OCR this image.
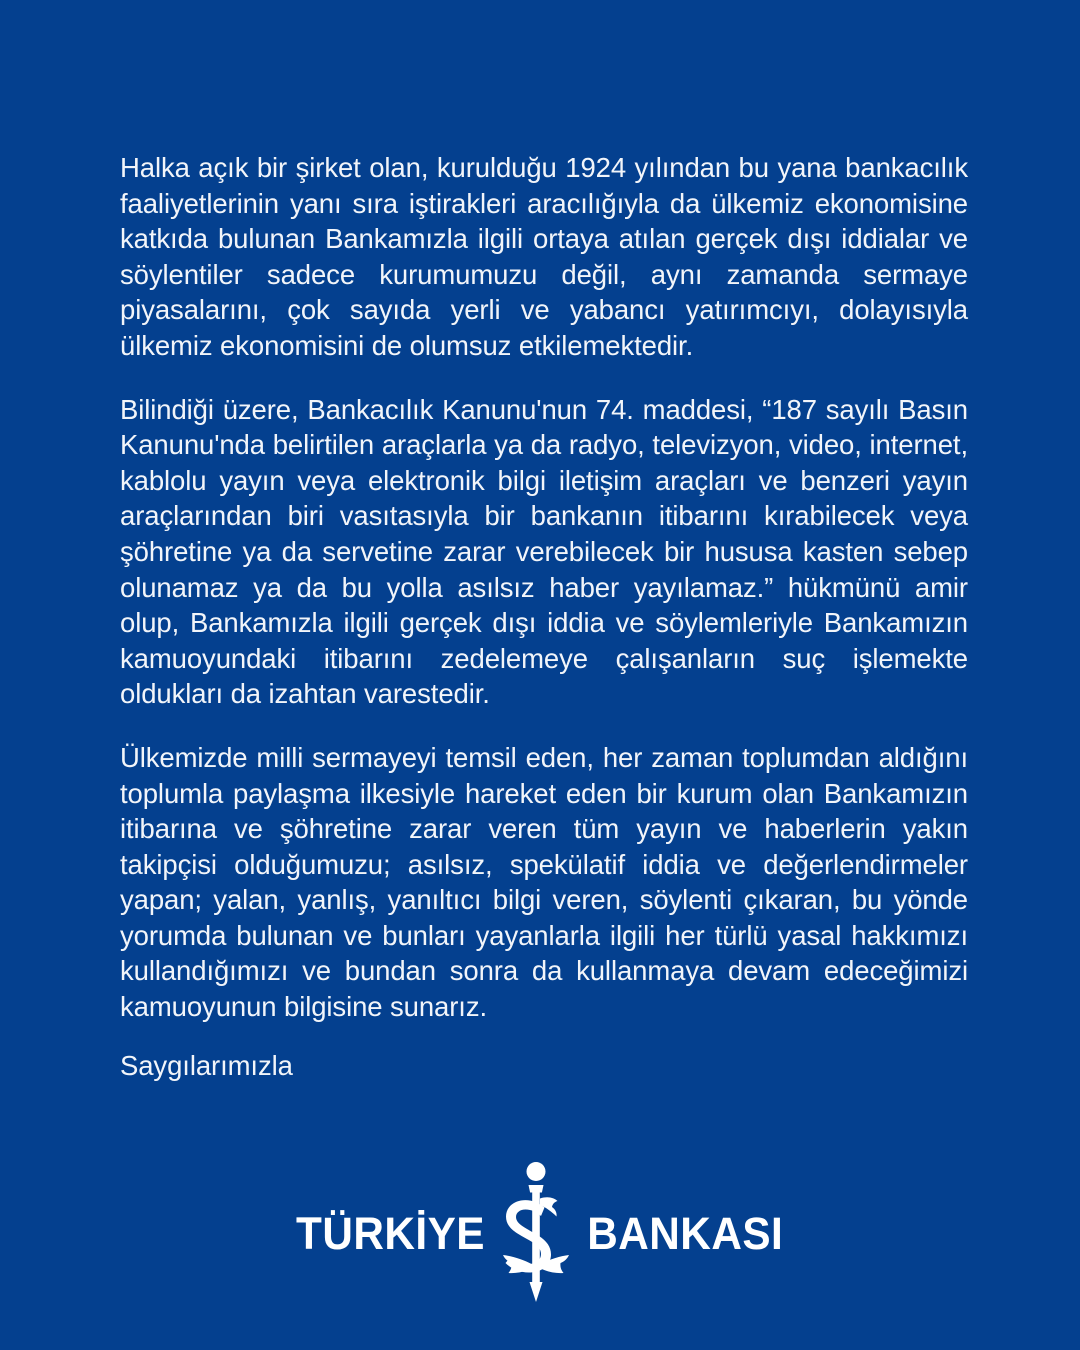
Halka açık bir şirket olan, kurulduğu 1924 yılından bu yana bankacılık faaliyetlerinin yanı sıra iştirakleri aracılığıyla da ülkemiz ekonomisine katkıda bulunan Bankamızla ilgili ortaya atılan gerçek dışı iddialar ve söylentiler sadece kurumumuzu değil, aynı zamanda sermaye piyasalarını, çok sayıda yerli ve yabancı yatırımcıyı, dolayısıyla ülkemiz ekonomisini de olumsuz etkilemektedir.

Bilindiği üzere, Bankacılık Kanunu'nun 74. maddesi, “187 sayılı Basın Kanunu'nda belirtilen araçlarla ya da radyo, televizyon, video, internet, kablolu yayın veya elektronik bilgi iletişim araçları ve benzeri yayın araçlarından biri vasıtasıyla bir bankanın itibarını kırabilecek veya şöhretine ya da servetine zarar verebilecek bir hususa kasten sebep olunamaz ya da bu yolla asılsız haber yayılamaz.” hükmünü amir olup, Bankamızla ilgili gerçek dışı iddia ve söylemleriyle Bankamızın kamuoyundaki itibarını zedelemeye çalışanların suç işlemekte oldukları da izahtan varestedir.

Ülkemizde milli sermayeyi temsil eden, her zaman toplumdan aldığını toplumla paylaşma ilkesiyle hareket eden bir kurum olan Bankamızın itibarına ve şöhretine zarar veren tüm yayın ve haberlerin yakın takipçisi olduğumuzu; asılsız, spekülatif iddia ve değerlendirmeler yapan; yalan, yanlış, yanıltıcı bilgi veren, söylenti çıkaran, bu yönde yorumda bulunan ve bunları yayanlarla ilgili her türlü yasal hakkımızı kullandığımızı ve bundan sonra da kullanmaya devam edeceğimizi kamuoyunun bilgisine sunarız.

Saygılarımızla
TÜRKİYE BANKASI
